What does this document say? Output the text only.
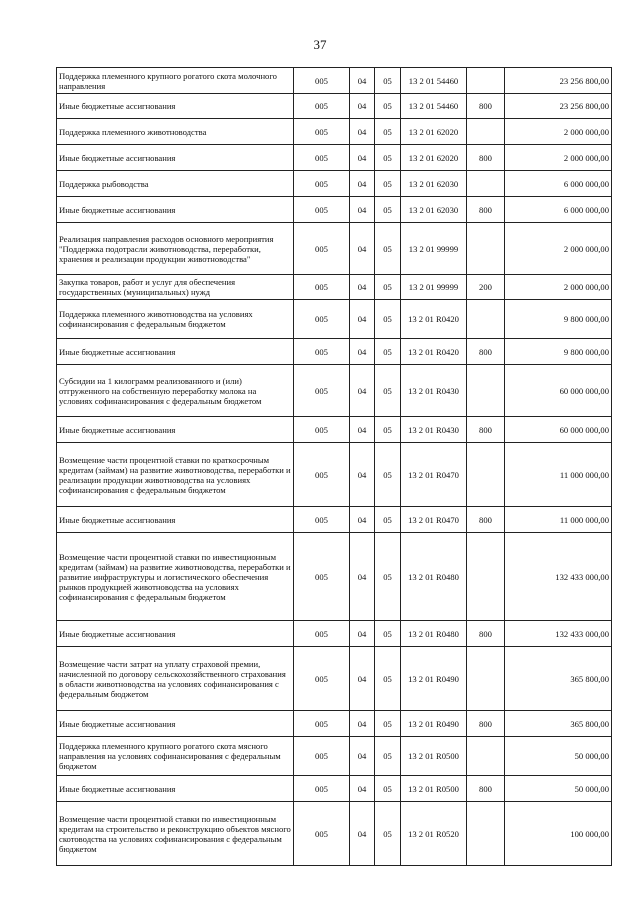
37
Поддержка племенного крупного рогатого скота молочного направления	005	04	05	13 2 01 54460		23 256 800,00
Иные бюджетные ассигнования	005	04	05	13 2 01 54460	800	23 256 800,00
Поддержка племенного животноводства	005	04	05	13 2 01 62020		2 000 000,00
Иные бюджетные ассигнования	005	04	05	13 2 01 62020	800	2 000 000,00
Поддержка рыбоводства	005	04	05	13 2 01 62030		6 000 000,00
Иные бюджетные ассигнования	005	04	05	13 2 01 62030	800	6 000 000,00
Реализация направления расходов основного мероприятия "Поддержка подотрасли животноводства, переработки, хранения и реализации продукции животноводства"	005	04	05	13 2 01 99999		2 000 000,00
Закупка товаров, работ и услуг для обеспечения государственных (муниципальных) нужд	005	04	05	13 2 01 99999	200	2 000 000,00
Поддержка племенного животноводства на условиях софинансирования с федеральным бюджетом	005	04	05	13 2 01 R0420		9 800 000,00
Иные бюджетные ассигнования	005	04	05	13 2 01 R0420	800	9 800 000,00
Субсидии на 1 килограмм реализованного и (или) отгруженного на собственную переработку молока на условиях софинансирования с федеральным бюджетом	005	04	05	13 2 01 R0430		60 000 000,00
Иные бюджетные ассигнования	005	04	05	13 2 01 R0430	800	60 000 000,00
Возмещение части процентной ставки по краткосрочным кредитам (займам) на развитие животноводства, переработки и реализации продукции животноводства на условиях софинансирования с федеральным бюджетом	005	04	05	13 2 01 R0470		11 000 000,00
Иные бюджетные ассигнования	005	04	05	13 2 01 R0470	800	11 000 000,00
Возмещение части процентной ставки по инвестиционным кредитам (займам) на развитие животноводства, переработки и развитие инфраструктуры и логистического обеспечения рынков продукцией животноводства на условиях софинансирования с федеральным бюджетом	005	04	05	13 2 01 R0480		132 433 000,00
Иные бюджетные ассигнования	005	04	05	13 2 01 R0480	800	132 433 000,00
Возмещение части затрат на уплату страховой премии, начисленной по договору сельскохозяйственного страхования в области животноводства на условиях софинансирования с федеральным бюджетом	005	04	05	13 2 01 R0490		365 800,00
Иные бюджетные ассигнования	005	04	05	13 2 01 R0490	800	365 800,00
Поддержка племенного крупного рогатого скота мясного направления на условиях софинансирования с федеральным бюджетом	005	04	05	13 2 01 R0500		50 000,00
Иные бюджетные ассигнования	005	04	05	13 2 01 R0500	800	50 000,00
Возмещение части процентной ставки по инвестиционным кредитам на строительство и реконструкцию объектов мясного скотоводства на условиях софинансирования с федеральным бюджетом	005	04	05	13 2 01 R0520		100 000,00
